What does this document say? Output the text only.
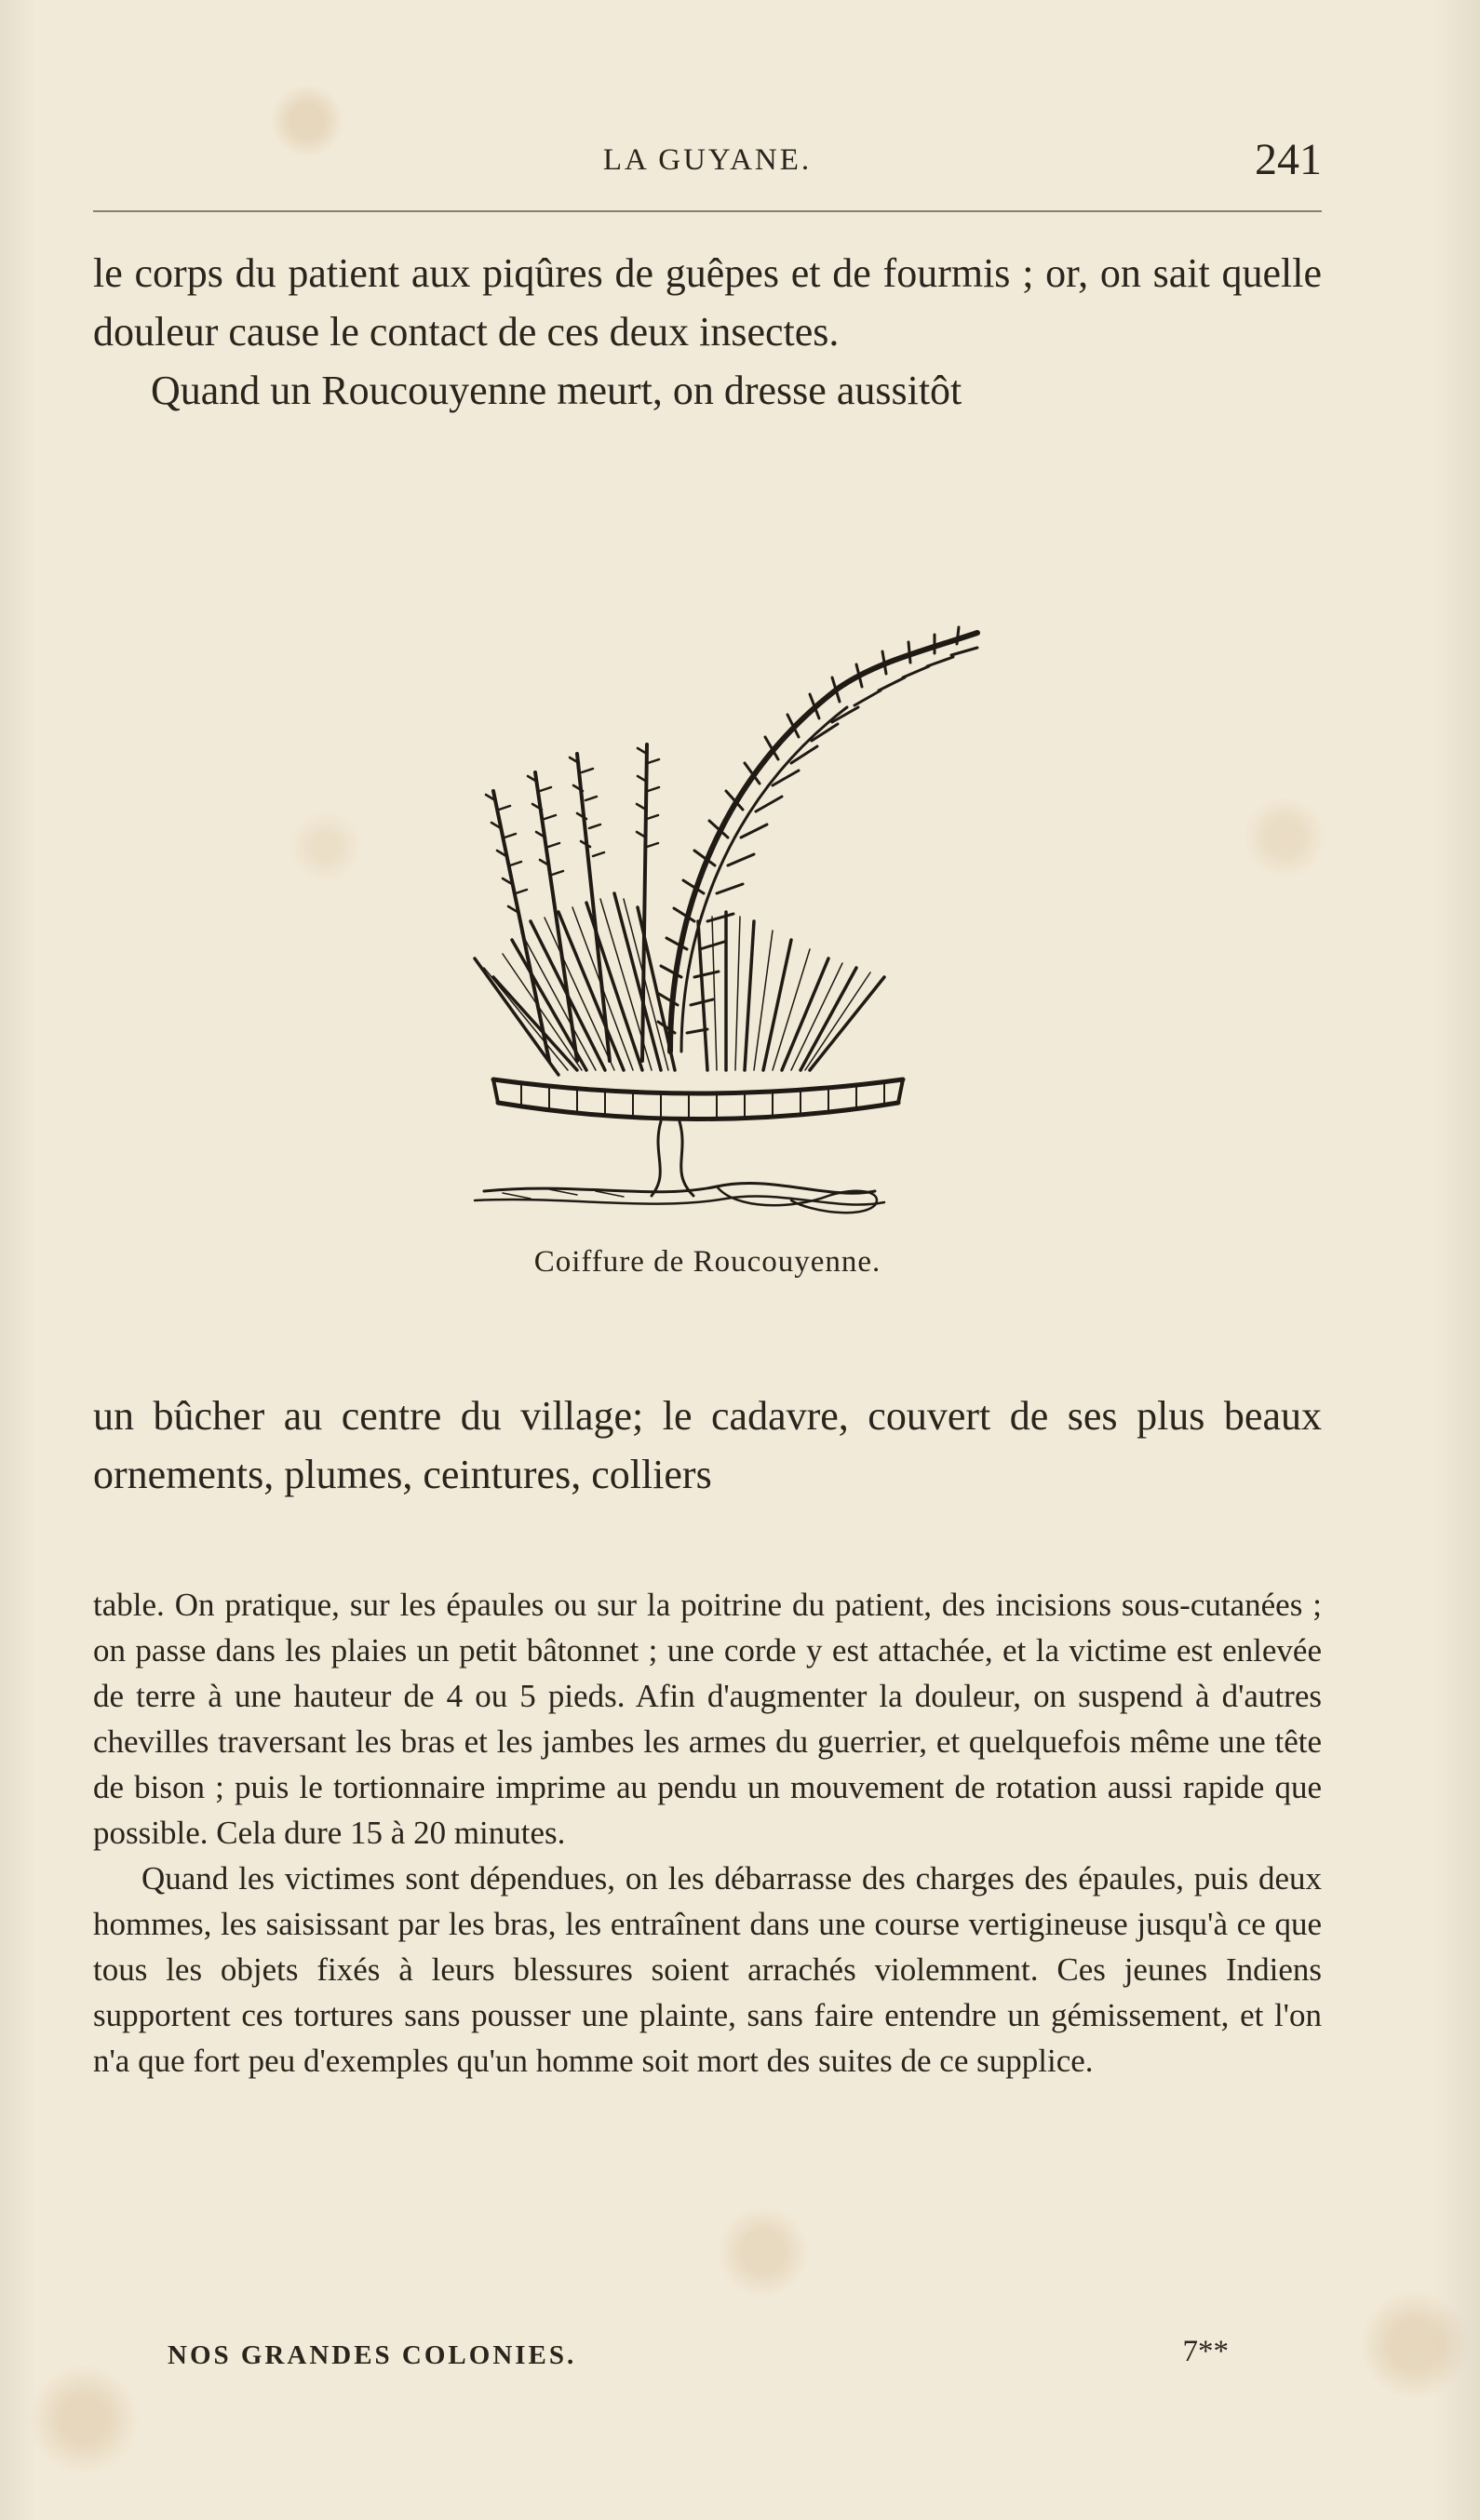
LA GUYANE.	241

le corps du patient aux piqûres de guêpes et de fourmis ; or, on sait quelle douleur cause le contact de ces deux insectes.

Quand un Roucouyenne meurt, on dresse aussitôt

Coiffure de Roucouyenne.

un bûcher au centre du village; le cadavre, couvert de ses plus beaux ornements, plumes, ceintures, colliers

table. On pratique, sur les épaules ou sur la poitrine du patient, des incisions sous-cutanées ; on passe dans les plaies un petit bâtonnet ; une corde y est attachée, et la victime est enlevée de terre à une hauteur de 4 ou 5 pieds. Afin d'augmenter la douleur, on suspend à d'autres chevilles traversant les bras et les jambes les armes du guerrier, et quelquefois même une tête de bison ; puis le tortionnaire imprime au pendu un mouvement de rotation aussi rapide que possible. Cela dure 15 à 20 minutes.

Quand les victimes sont dépendues, on les débarrasse des charges des épaules, puis deux hommes, les saisissant par les bras, les entraînent dans une course vertigineuse jusqu'à ce que tous les objets fixés à leurs blessures soient arrachés violemment. Ces jeunes Indiens supportent ces tortures sans pousser une plainte, sans faire entendre un gémissement, et l'on n'a que fort peu d'exemples qu'un homme soit mort des suites de ce supplice.

NOS GRANDES COLONIES.	7**
